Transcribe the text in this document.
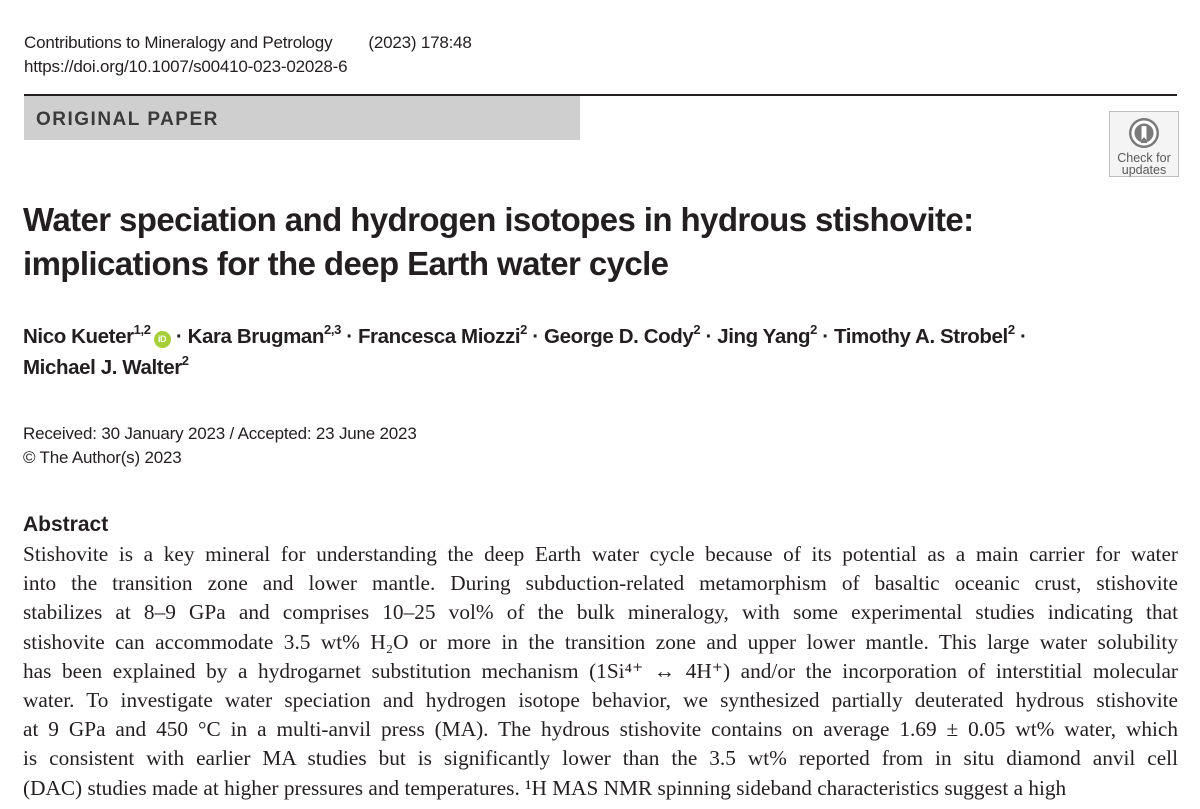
Contributions to Mineralogy and Petrology (2023) 178:48
https://doi.org/10.1007/s00410-023-02028-6
ORIGINAL PAPER
Check for
updates
Water speciation and hydrogen isotopes in hydrous stishovite:
implications for the deep Earth water cycle
Nico Kueter$^{1,2}$iD · Kara Brugman$^{2,3}$ · Francesca Miozzi$^2$ · George D. Cody$^2$ · Jing Yang$^2$ · Timothy A. Strobel$^2$ ·
Michael J. Walter$^2$
Received: 30 January 2023 / Accepted: 23 June 2023
© The Author(s) 2023
Abstract
Stishovite is a key mineral for understanding the deep Earth water cycle because of its potential as a main carrier for water
into the transition zone and lower mantle. During subduction-related metamorphism of basaltic oceanic crust, stishovite
stabilizes at 8–9 GPa and comprises 10–25 vol% of the bulk mineralogy, with some experimental studies indicating that
stishovite can accommodate 3.5 wt% H₂O or more in the transition zone and upper lower mantle. This large water solubility
has been explained by a hydrogarnet substitution mechanism (1Si⁴⁺ ↔ 4H⁺) and/or the incorporation of interstitial molecular
water. To investigate water speciation and hydrogen isotope behavior, we synthesized partially deuterated hydrous stishovite
at 9 GPa and 450 °C in a multi-anvil press (MA). The hydrous stishovite contains on average 1.69 ± 0.05 wt% water, which
is consistent with earlier MA studies but is significantly lower than the 3.5 wt% reported from in situ diamond anvil cell
(DAC) studies made at higher pressures and temperatures. ¹H MAS NMR spinning sideband characteristics suggest a high
